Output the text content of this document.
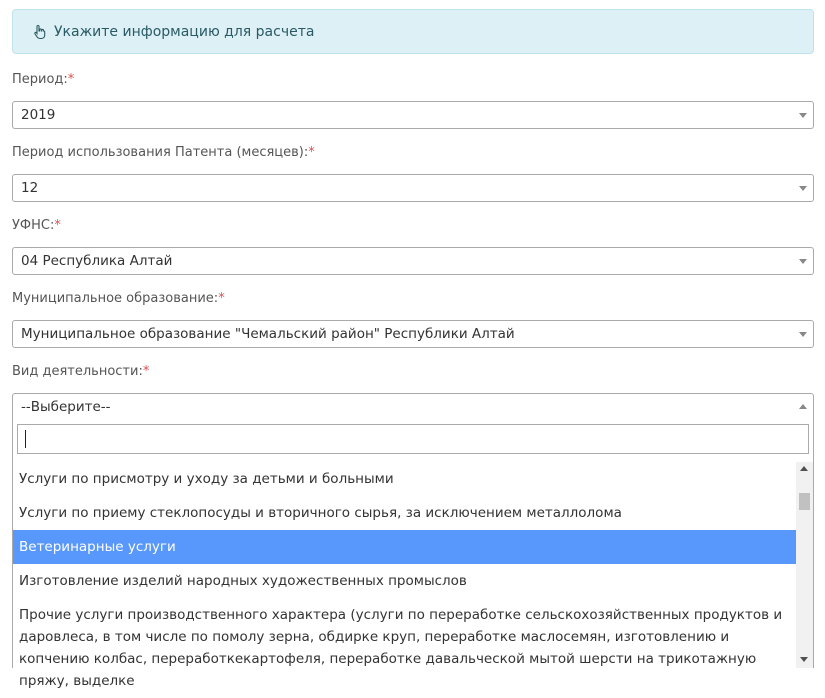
Укажите информацию для расчета
Период:*
2019
Период использования Патента (месяцев):*
12
УФНС:*
04 Республика Алтай
Муниципальное образование:*
Муниципальное образование "Чемальский район" Республики Алтай
Вид деятельности:*
--Выберите--
Услуги по присмотру и уходу за детьми и больными
Услуги по приему стеклопосуды и вторичного сырья, за исключением металлолома
Ветеринарные услуги
Изготовление изделий народных художественных промыслов
Прочие услуги производственного характера (услуги по переработке сельскохозяйственных продуктов и даровлеса, в том числе по помолу зерна, обдирке круп, переработке маслосемян, изготовлению и копчению колбас, переработкекартофеля, переработке давальческой мытой шерсти на трикотажную пряжу, выделке
